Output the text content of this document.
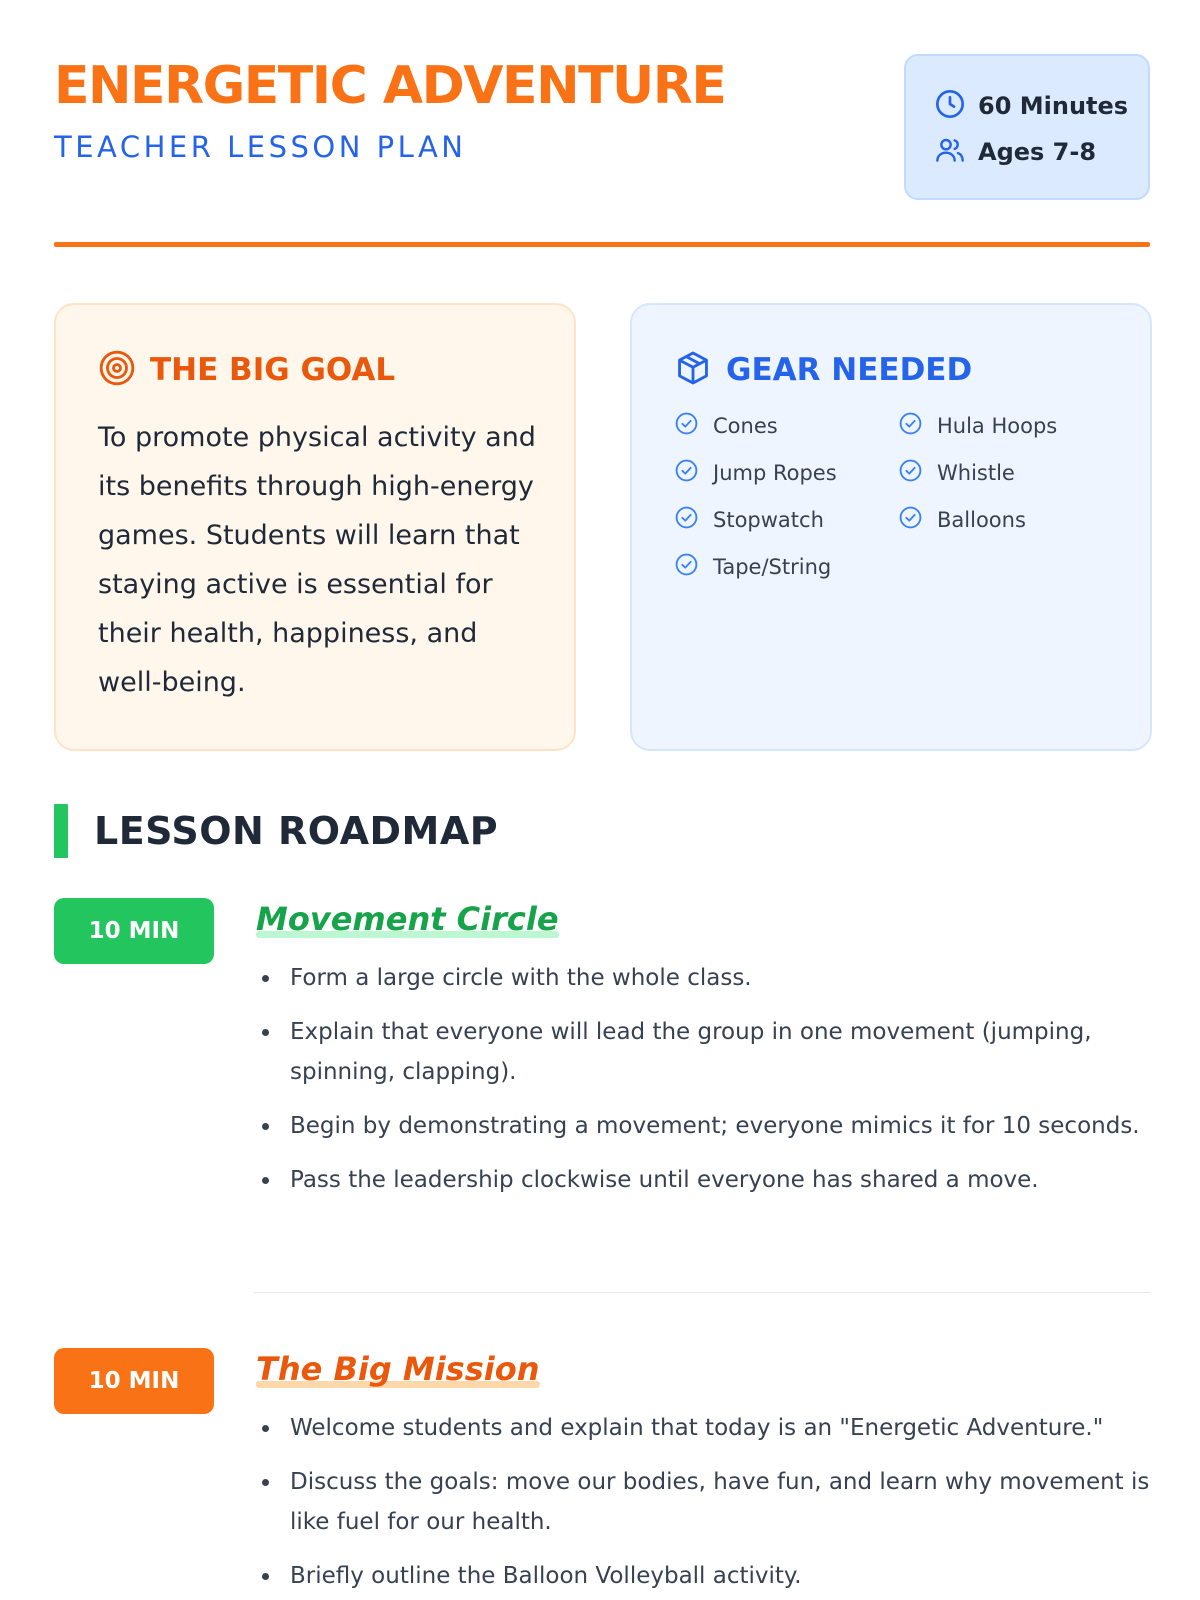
ENERGETIC ADVENTURE
TEACHER LESSON PLAN
60 Minutes
Ages 7-8
THE BIG GOAL

To promote physical activity and its benefits through high-energy games. Students will learn that staying active is essential for their health, happiness, and well-being.

GEAR NEEDED
Cones	Hula Hoops
Jump Ropes	Whistle
Stopwatch	Balloons
Tape/String
LESSON ROADMAP
10 MIN	Movement Circle
Form a large circle with the whole class.
Explain that everyone will lead the group in one movement (jumping, spinning, clapping).
Begin by demonstrating a movement; everyone mimics it for 10 seconds.
Pass the leadership clockwise until everyone has shared a move.
10 MIN	The Big Mission
Welcome students and explain that today is an "Energetic Adventure."
Discuss the goals: move our bodies, have fun, and learn why movement is like fuel for our health.
Briefly outline the Balloon Volleyball activity.
